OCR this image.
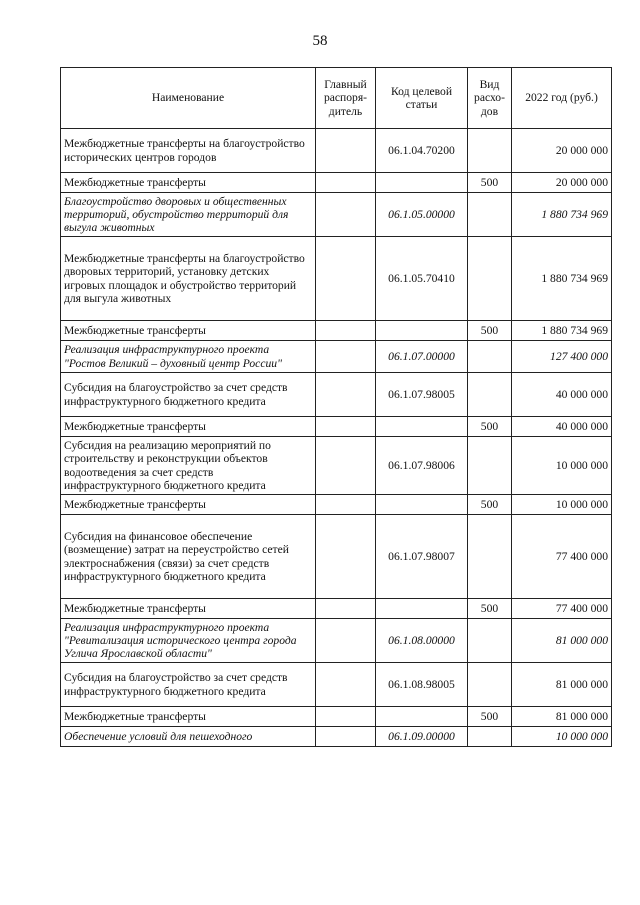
58
Наименование	Главный распоря- дитель	Код целевой статьи	Вид расхо- дов	2022 год (руб.)
Межбюджетные трансферты на благоустройство исторических центров городов		06.1.04.70200		20 000 000
Межбюджетные трансферты			500	20 000 000
Благоустройство дворовых и общественных территорий, обустройство территорий для выгула животных		06.1.05.00000		1 880 734 969
Межбюджетные трансферты на благоустройство дворовых территорий, установку детских игровых площадок и обустройство территорий для выгула животных		06.1.05.70410		1 880 734 969
Межбюджетные трансферты			500	1 880 734 969
Реализация инфраструктурного проекта "Ростов Великий – духовный центр России"		06.1.07.00000		127 400 000
Субсидия на благоустройство за счет средств инфраструктурного бюджетного кредита		06.1.07.98005		40 000 000
Межбюджетные трансферты			500	40 000 000
Субсидия на реализацию мероприятий по строительству и реконструкции объектов водоотведения за счет средств инфраструктурного бюджетного кредита		06.1.07.98006		10 000 000
Межбюджетные трансферты			500	10 000 000
Субсидия на финансовое обеспечение (возмещение) затрат на переустройство сетей электроснабжения (связи) за счет средств инфраструктурного бюджетного кредита		06.1.07.98007		77 400 000
Межбюджетные трансферты			500	77 400 000
Реализация инфраструктурного проекта "Ревитализация исторического центра города Углича Ярославской области"		06.1.08.00000		81 000 000
Субсидия на благоустройство за счет средств инфраструктурного бюджетного кредита		06.1.08.98005		81 000 000
Межбюджетные трансферты			500	81 000 000
Обеспечение условий для пешеходного		06.1.09.00000		10 000 000
